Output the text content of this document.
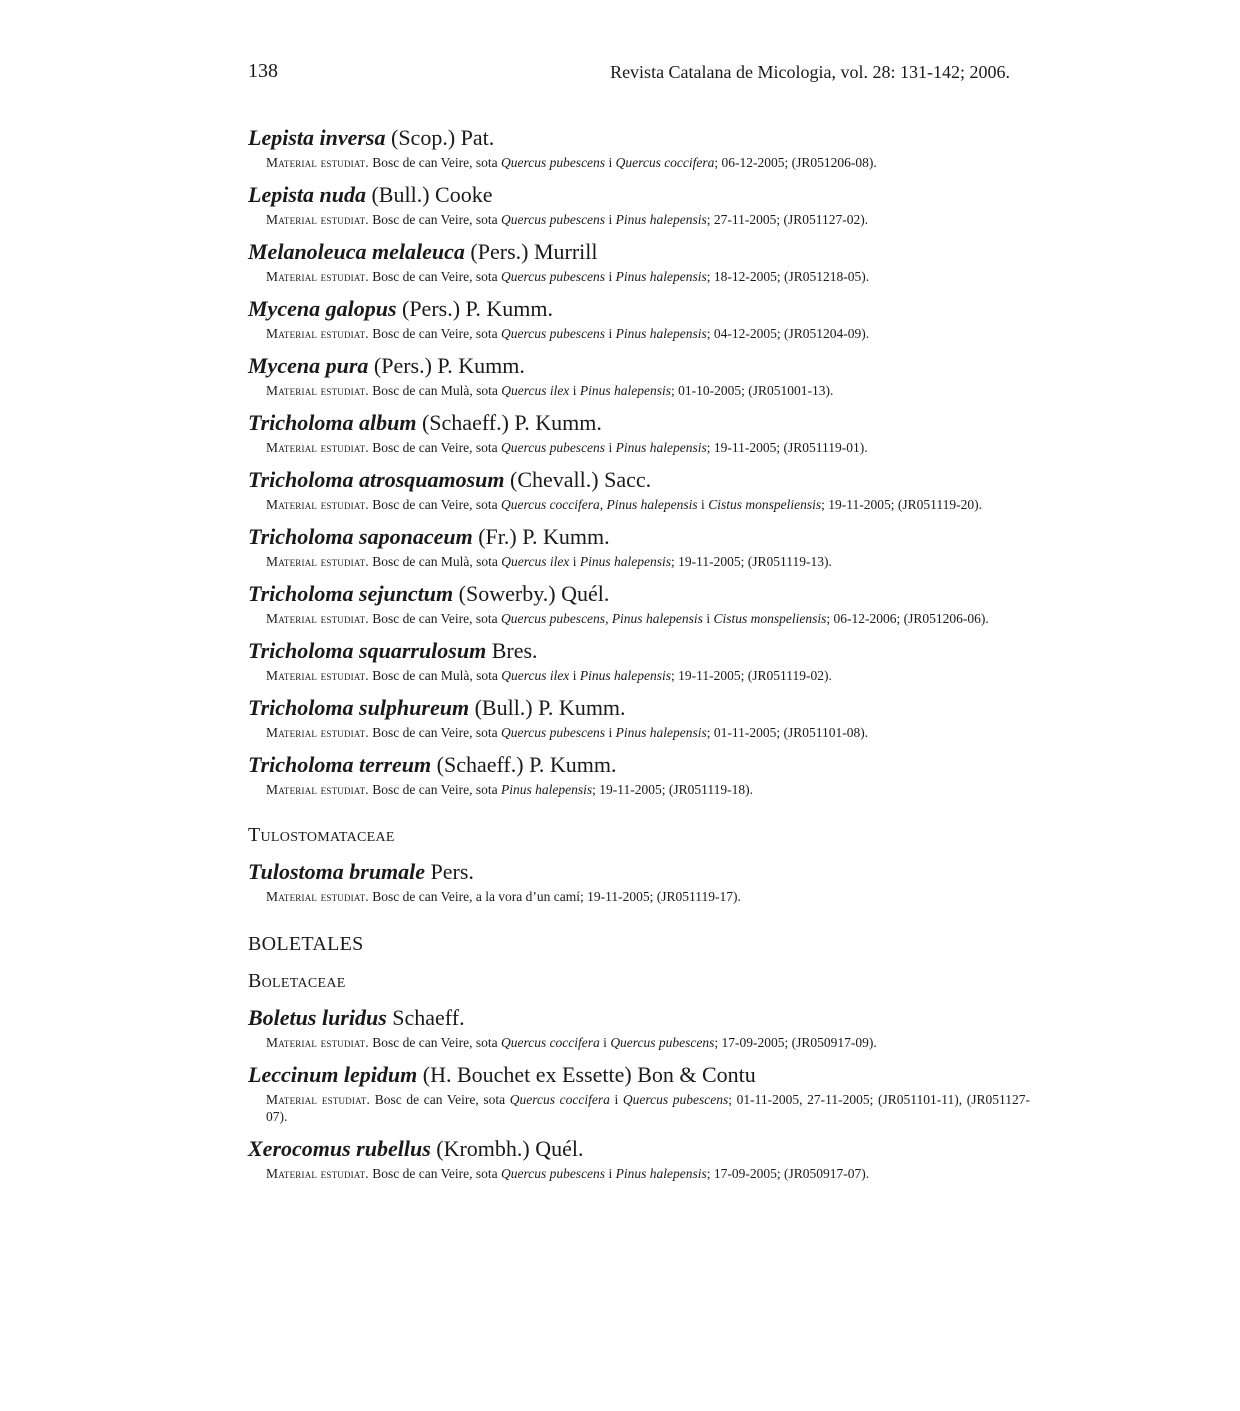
138	Revista Catalana de Micologia, vol. 28: 131-142; 2006.
Lepista inversa (Scop.) Pat.
Material estudiat. Bosc de can Veire, sota Quercus pubescens i Quercus coccifera; 06-12-2005; (JR051206-08).
Lepista nuda (Bull.) Cooke
Material estudiat. Bosc de can Veire, sota Quercus pubescens i Pinus halepensis; 27-11-2005; (JR051127-02).
Melanoleuca melaleuca (Pers.) Murrill
Material estudiat. Bosc de can Veire, sota Quercus pubescens i Pinus halepensis; 18-12-2005; (JR051218-05).
Mycena galopus (Pers.) P. Kumm.
Material estudiat. Bosc de can Veire, sota Quercus pubescens i Pinus halepensis; 04-12-2005; (JR051204-09).
Mycena pura (Pers.) P. Kumm.
Material estudiat. Bosc de can Mulà, sota Quercus ilex i Pinus halepensis; 01-10-2005; (JR051001-13).
Tricholoma album (Schaeff.) P. Kumm.
Material estudiat. Bosc de can Veire, sota Quercus pubescens i Pinus halepensis; 19-11-2005; (JR051119-01).
Tricholoma atrosquamosum (Chevall.) Sacc.
Material estudiat. Bosc de can Veire, sota Quercus coccifera, Pinus halepensis i Cistus monspeliensis; 19-11-2005; (JR051119-20).
Tricholoma saponaceum (Fr.) P. Kumm.
Material estudiat. Bosc de can Mulà, sota Quercus ilex i Pinus halepensis; 19-11-2005; (JR051119-13).
Tricholoma sejunctum (Sowerby.) Quél.
Material estudiat. Bosc de can Veire, sota Quercus pubescens, Pinus halepensis i Cistus monspeliensis; 06-12-2006; (JR051206-06).
Tricholoma squarrulosum Bres.
Material estudiat. Bosc de can Mulà, sota Quercus ilex i Pinus halepensis; 19-11-2005; (JR051119-02).
Tricholoma sulphureum (Bull.) P. Kumm.
Material estudiat. Bosc de can Veire, sota Quercus pubescens i Pinus halepensis; 01-11-2005; (JR051101-08).
Tricholoma terreum (Schaeff.) P. Kumm.
Material estudiat. Bosc de can Veire, sota Pinus halepensis; 19-11-2005; (JR051119-18).
Tulostomataceae
Tulostoma brumale Pers.
Material estudiat. Bosc de can Veire, a la vora d’un camí; 19-11-2005; (JR051119-17).
BOLETALES
Boletaceae
Boletus luridus Schaeff.
Material estudiat. Bosc de can Veire, sota Quercus coccifera i Quercus pubescens; 17-09-2005; (JR050917-09).
Leccinum lepidum (H. Bouchet ex Essette) Bon & Contu
Material estudiat. Bosc de can Veire, sota Quercus coccifera i Quercus pubescens; 01-11-2005, 27-11-2005; (JR051101-11), (JR051127-07).
Xerocomus rubellus (Krombh.) Quél.
Material estudiat. Bosc de can Veire, sota Quercus pubescens i Pinus halepensis; 17-09-2005; (JR050917-07).
